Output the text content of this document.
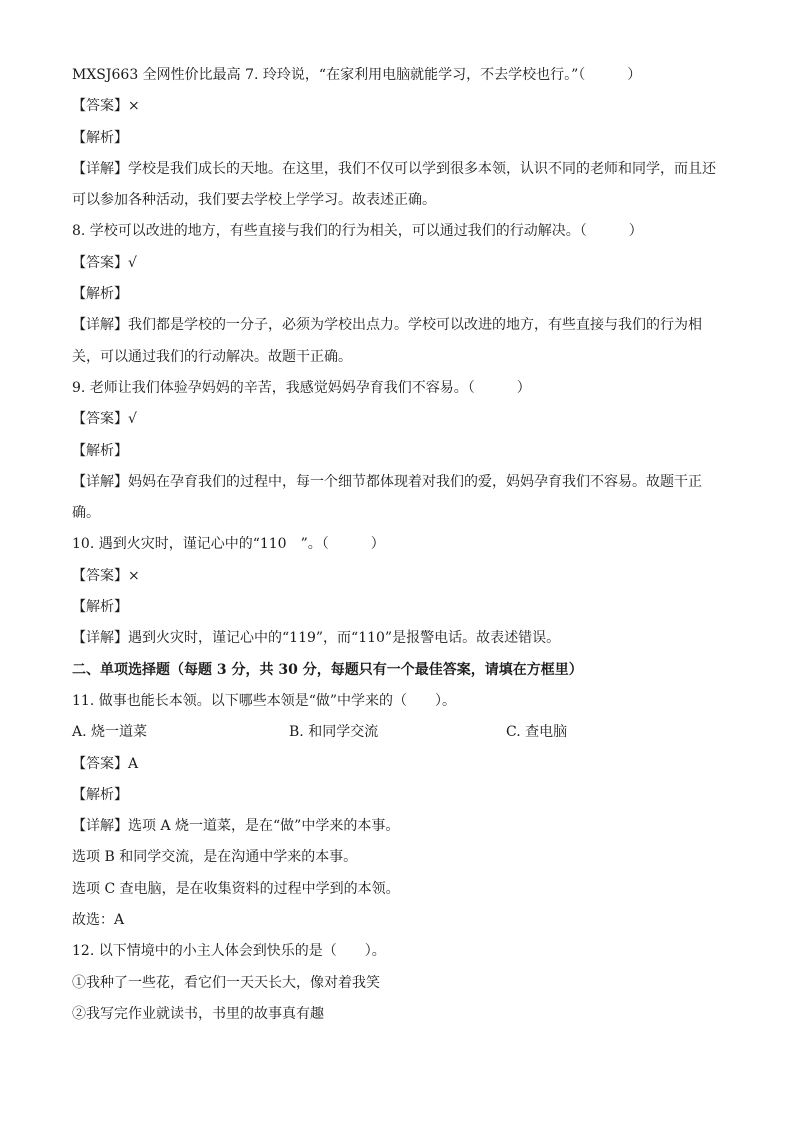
MXSJ663 全网性价比最高 7. 玲玲说，“在家利用电脑就能学习，不去学校也行。”（　　　）
【答案】×
【解析】
【详解】学校是我们成长的天地。在这里，我们不仅可以学到很多本领，认识不同的老师和同学，而且还可以参加各种活动，我们要去学校上学学习。故表述正确。
8. 学校可以改进的地方，有些直接与我们的行为相关，可以通过我们的行动解决。（　　　）
【答案】√
【解析】
【详解】我们都是学校的一分子，必须为学校出点力。学校可以改进的地方，有些直接与我们的行为相关，可以通过我们的行动解决。故题干正确。
9. 老师让我们体验孕妈妈的辛苦，我感觉妈妈孕育我们不容易。（　　　）
【答案】√
【解析】
【详解】妈妈在孕育我们的过程中，每一个细节都体现着对我们的爱，妈妈孕育我们不容易。故题干正确。
10. 遇到火灾时，谨记心中的“110　”。（　　　）
【答案】×
【解析】
【详解】遇到火灾时，谨记心中的“119”，而“110”是报警电话。故表述错误。
二、单项选择题（每题 3 分，共 30 分，每题只有一个最佳答案，请填在方框里）
11. 做事也能长本领。以下哪些本领是“做”中学来的（　　）。
A. 烧一道菜	B. 和同学交流	C. 查电脑
【答案】A
【解析】
【详解】选项 A 烧一道菜，是在“做”中学来的本事。
选项 B 和同学交流，是在沟通中学来的本事。
选项 C 查电脑，是在收集资料的过程中学到的本领。
故选：A
12. 以下情境中的小主人体会到快乐的是（　　）。
①我种了一些花，看它们一天天长大，像对着我笑
②我写完作业就读书，书里的故事真有趣
